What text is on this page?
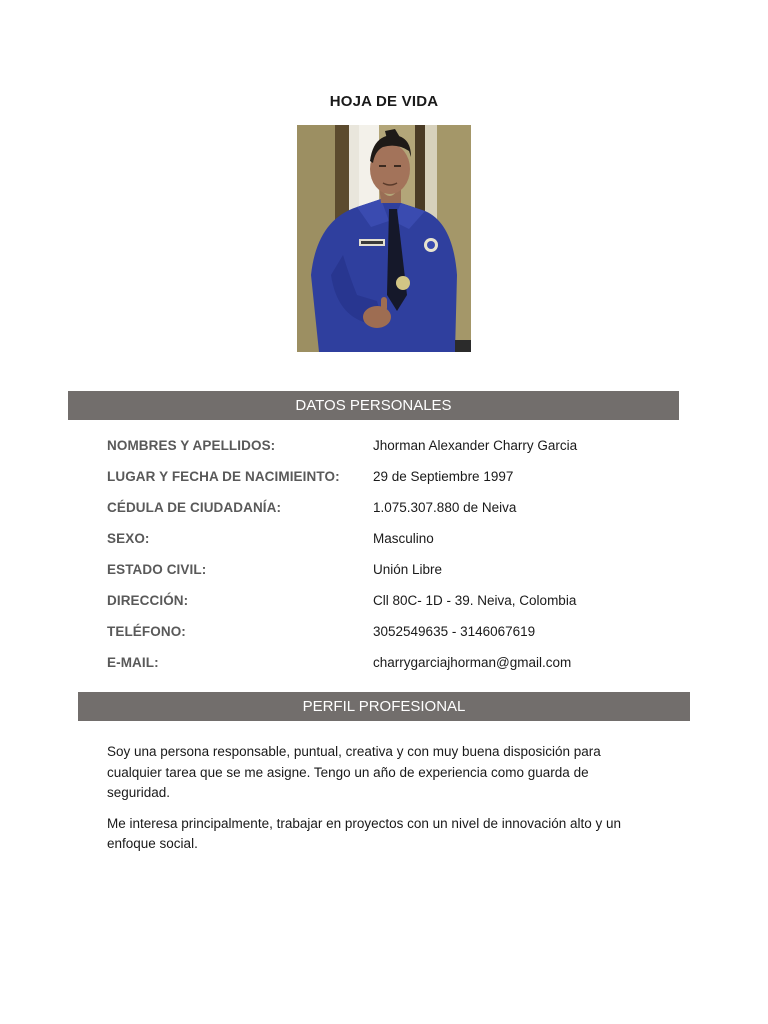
HOJA DE VIDA
DATOS PERSONALES
NOMBRES Y APELLIDOS:	Jhorman Alexander Charry Garcia
LUGAR Y FECHA DE NACIMIEINTO: 29 de Septiembre 1997
CÉDULA DE CIUDADANÍA:	1.075.307.880 de Neiva
SEXO:	Masculino
ESTADO CIVIL:	Unión Libre
DIRECCIÓN:	Cll 80C- 1D - 39. Neiva, Colombia
TELÉFONO:	3052549635 - 3146067619
E-MAIL:	charrygarciajhorman@gmail.com
PERFIL PROFESIONAL

Soy una persona responsable, puntual, creativa y con muy buena disposición para cualquier tarea que se me asigne. Tengo un año de experiencia como guarda de seguridad.

Me interesa principalmente, trabajar en proyectos con un nivel de innovación alto y un enfoque social.
